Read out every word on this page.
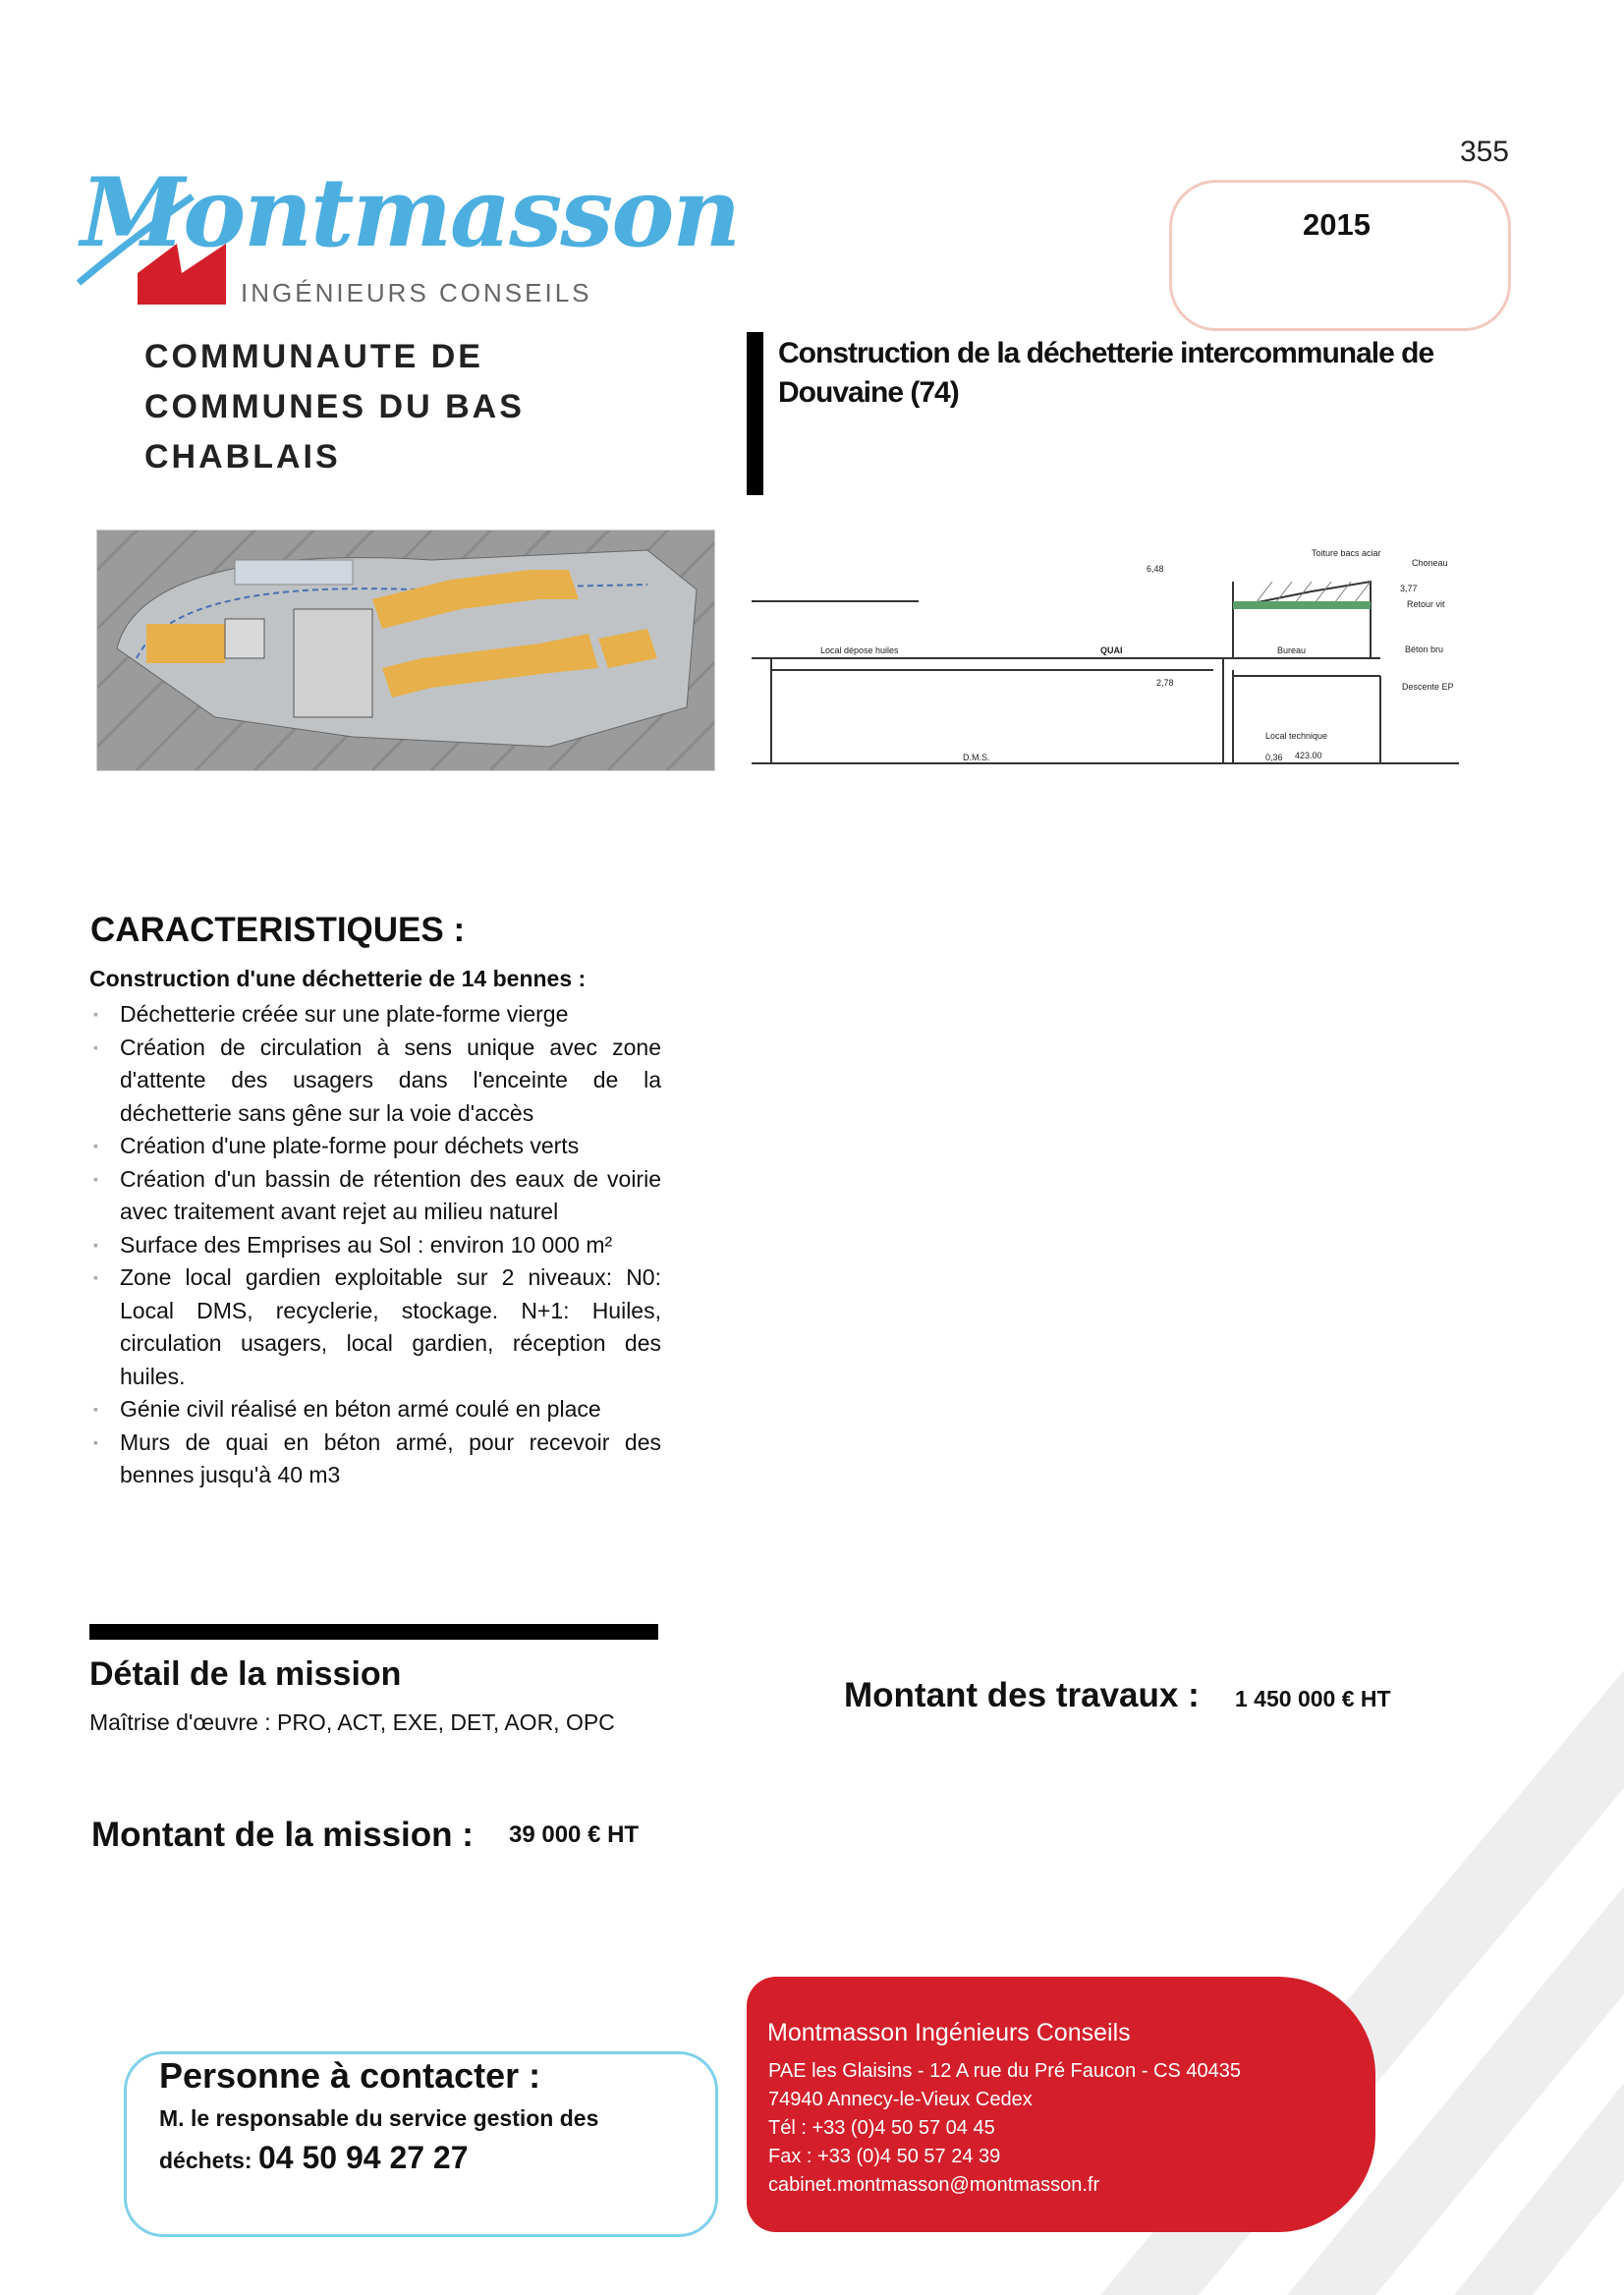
355
2015
Montmasson
INGÉNIEURS CONSEILS
COMMUNAUTE DE
COMMUNES DU BAS
CHABLAIS
Construction de la déchetterie intercommunale de
Douvaine (74)
Toiture bacs aciar
Choneau
Retour vit
Béton bru
Descente EP
Local dépose huiles	QUAI	Bureau
Local technique
D.M.S.	423.00
6,48
3,77
2,78
0,36
CARACTERISTIQUES :
Construction d'une déchetterie de 14 bennes :
▪ Déchetterie créée sur une plate-forme vierge
▪ Création de circulation à sens unique avec zone d'attente des usagers dans l'enceinte de la déchetterie sans gêne sur la voie d'accès
▪ Création d'une plate-forme pour déchets verts
▪ Création d'un bassin de rétention des eaux de voirie avec traitement avant rejet au milieu naturel
▪ Surface des Emprises au Sol : environ 10 000 m²
▪ Zone local gardien exploitable sur 2 niveaux: N0: Local DMS, recyclerie, stockage. N+1: Huiles, circulation usagers, local gardien, réception des huiles.
▪ Génie civil réalisé en béton armé coulé en place
▪ Murs de quai en béton armé, pour recevoir des bennes jusqu'à 40 m3
Détail de la mission
Maîtrise d'œuvre : PRO, ACT, EXE, DET, AOR, OPC
Montant des travaux : 1 450 000 € HT
Montant de la mission : 39 000 € HT
Personne à contacter :
M. le responsable du service gestion des
déchets: 04 50 94 27 27
Montmasson Ingénieurs Conseils
PAE les Glaisins - 12 A rue du Pré Faucon - CS 40435
74940 Annecy-le-Vieux Cedex
Tél : +33 (0)4 50 57 04 45
Fax : +33 (0)4 50 57 24 39
cabinet.montmasson@montmasson.fr
